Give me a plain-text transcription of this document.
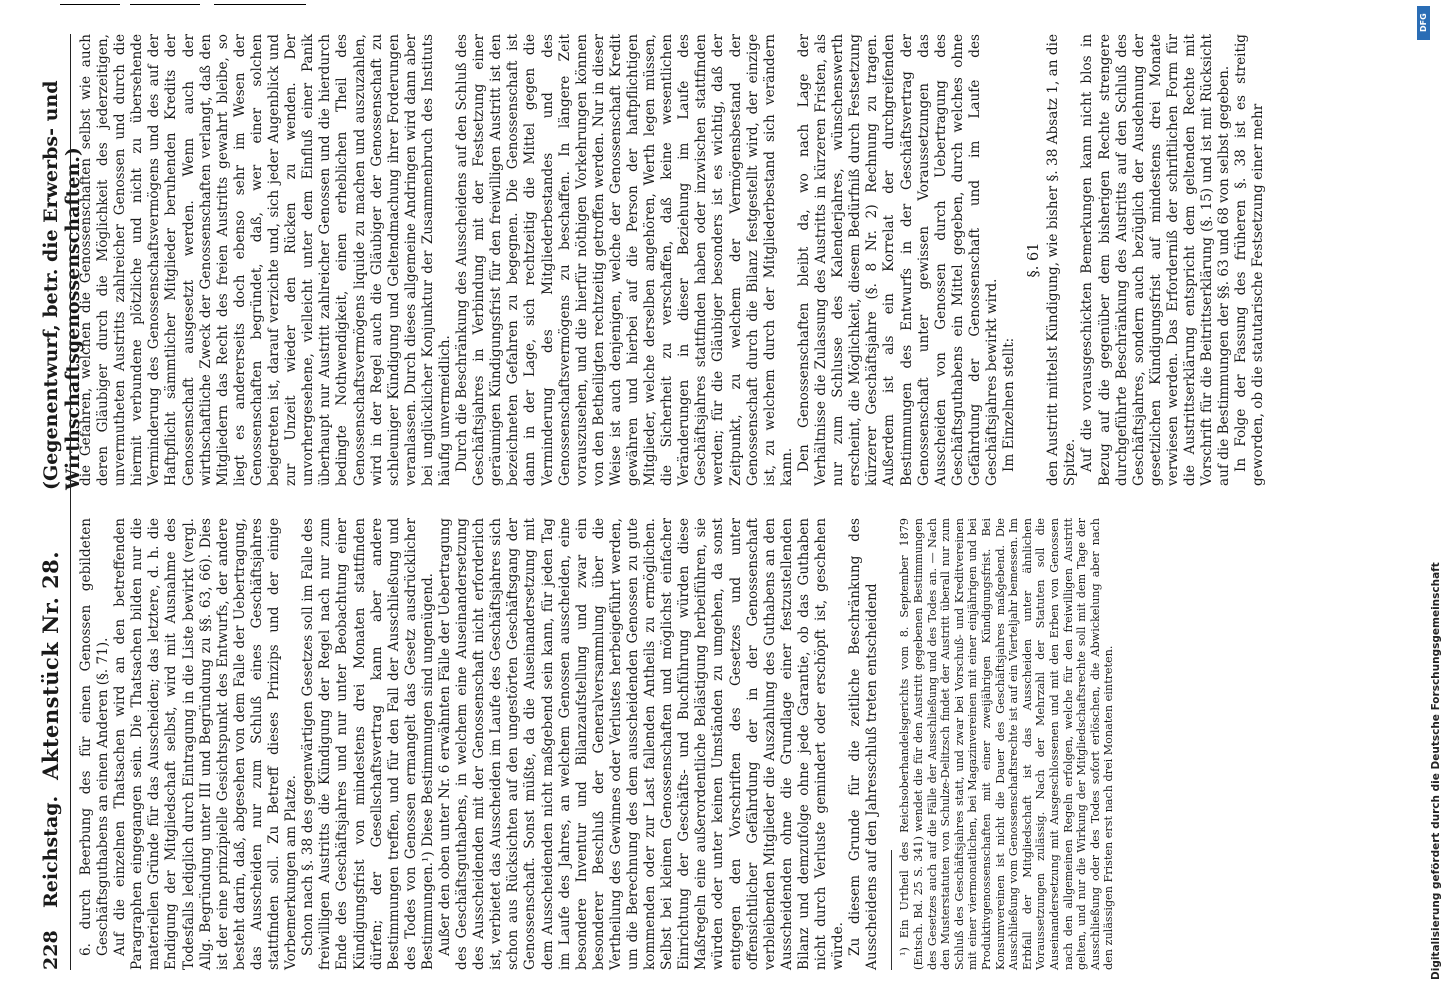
228
Reichstag.
Aktenstück Nr. 28.
(Gegenentwurf, betr. die Erwerbs- und Wirthschaftsgenossenschaften.)

6. durch Beerbung des für einen Genossen gebildeten Geschäftsguthabens an einen Anderen (§. 71). Auf die einzelnen Thatsachen wird an den betreffenden Paragraphen eingegangen sein. Die Thatsachen bilden nur die materiellen Gründe für das Ausscheiden; das letztere, d. h. die Endigung der Mitgliedschaft selbst, wird mit Ausnahme des Todesfalls lediglich durch Eintragung in die Liste bewirkt (vergl. Allg. Begründung unter III und Begründung zu §§. 63, 66). Dies ist der eine prinzipielle Gesichtspunkt des Entwurfs, der andere besteht darin, daß, abgesehen von dem Falle der Uebertragung, das Ausscheiden nur zum Schluß eines Geschäftsjahres stattfinden soll. Zu Betreff dieses Prinzips und der einige Vorbemerkungen am Platze. Schon nach §. 38 des gegenwärtigen Gesetzes soll im Falle des freiwilligen Austritts die Kündigung der Regel nach nur zum Ende des Geschäftsjahres und nur unter Beobachtung einer Kündigungsfrist von mindestens drei Monaten stattfinden dürfen; der Gesellschaftsvertrag kann aber andere Bestimmungen treffen, und für den Fall der Ausschließung und des Todes von Genossen ermangelt das Gesetz ausdrücklicher Bestimmungen.¹) Diese Bestimmungen sind ungenügend. Außer den oben unter Nr. 6 erwähnten Fälle der Uebertragung des Geschäftsguthabens, in welchem eine Auseinandersetzung des Ausscheidenden mit der Genossenschaft nicht erforderlich ist, verbietet das Ausscheiden im Laufe des Geschäftsjahres sich schon aus Rücksichten auf den ungestörten Geschäftsgang der Genossenschaft. Sonst müßte, da die Auseinandersetzung mit dem Ausscheidenden nicht maßgebend sein kann, für jeden Tag im Laufe des Jahres, an welchem Genossen ausscheiden, eine besondere Inventur und Bilanzaufstellung und zwar ein besonderer Beschluß der Generalversammlung über die Vertheilung des Gewinnes oder Verlustes herbeigeführt werden, um die Berechnung des dem ausscheidenden Genossen zu gute kommenden oder zur Last fallenden Antheils zu ermöglichen. Selbst bei kleinen Genossenschaften und möglichst einfacher Einrichtung der Geschäfts- und Buchführung würden diese Maßregeln eine außerordentliche Belästigung herbeiführen, sie würden oder unter keinen Umständen zu umgehen, da sonst entgegen den Vorschriften des Gesetzes und unter offensichtlicher Gefährdung der in der Genossenschaft verbleibenden Mitglieder die Auszahlung des Guthabens an den Ausscheidenden ohne die Grundlage einer festzustellenden Bilanz und demzufolge ohne jede Garantie, ob das Guthaben nicht durch Verluste gemindert oder erschöpft ist, geschehen würde. Zu diesem Grunde für die zeitliche Beschränkung des Ausscheidens auf den Jahresschluß treten entscheidend ¹) Ein Urtheil des Reichsoberhandelsgerichts vom 8. September 1879 (Entsch. Bd. 25 S. 341) wendet die für den Austritt gegebenen Bestimmungen des Gesetzes auch auf die Fälle der Ausschließung und des Todes an. — Nach den Musterstatuten von Schulze-Delitzsch findet der Austritt überall nur zum Schluß des Geschäftsjahres statt, und zwar bei Vorschuß- und Kreditvereinen mit einer viermonatlichen, bei Magazinvereinen mit einer einjährigen und bei Produktivgenossenschaften mit einer zweijährigen Kündigungsfrist. Bei Konsumvereinen ist nicht die Dauer des Geschäftsjahres maßgebend. Die Ausschließung vom Genossenschaftsrechte ist auf ein Vierteljahr bemessen. Im Erbfall der Mitgliedschaft ist das Ausscheiden unter ähnlichen Voraussetzungen zulässig. Nach der Mehrzahl der Statuten soll die Auseinandersetzung mit Ausgeschlossenen und mit den Erben von Genossen nach den allgemeinen Regeln erfolgen, welche für den freiwilligen Austritt gelten, und nur die Wirkung der Mitgliedschaftsrechte soll mit dem Tage der Ausschließung oder des Todes sofort erlöschen, die Abwickelung aber nach den zulässigen Fristen erst nach drei Monaten eintreten.

die Gefahren, welchen die Genossenschaften selbst wie auch deren Gläubiger durch die Möglichkeit des jederzeitigen, unvermutheten Austritts zahlreicher Genossen und durch die hiermit verbundene plötzliche und nicht zu übersehende Verminderung des Genossenschaftsvermögens und des auf der Haftpflicht sämmtlicher Mitglieder beruhenden Kredits der Genossenschaft ausgesetzt werden. Wenn auch der wirthschaftliche Zweck der Genossenschaften verlangt, daß den Mitgliedern das Recht des freien Austritts gewahrt bleibe, so liegt es andererseits doch ebenso sehr im Wesen der Genossenschaften begründet, daß, wer einer solchen beigetreten ist, darauf verzichte und, sich jeder Augenblick und zur Unzeit wieder den Rücken zu wenden. Der unvorhergesehene, vielleicht unter dem Einfluß einer Panik überhaupt nur Austritt zahlreicher Genossen und die hierdurch bedingte Nothwendigkeit, einen erheblichen Theil des Genossenschaftsvermögens liquide zu machen und auszuzahlen, wird in der Regel auch die Gläubiger der Genossenschaft zu schleuniger Kündigung und Geltendmachung ihrer Forderungen veranlassen. Durch dieses allgemeine Andringen wird dann aber bei unglücklicher Konjunktur der Zusammenbruch des Instituts häufig unvermeidlich. Durch die Beschränkung des Ausscheidens auf den Schluß des Geschäftsjahres in Verbindung mit der Festsetzung einer geräumigen Kündigungsfrist für den freiwilligen Austritt ist den bezeichneten Gefahren zu begegnen. Die Genossenschaft ist dann in der Lage, sich rechtzeitig die Mittel gegen die Verminderung des Mitgliederbestandes und des Genossenschaftsvermögens zu beschaffen. In längere Zeit vorauszusehen, und die hierfür nöthigen Vorkehrungen können von den Betheiligten rechtzeitig getroffen werden. Nur in dieser Weise ist auch denjenigen, welche der Genossenschaft Kredit gewähren und hierbei auf die Person der haftpflichtigen Mitglieder, welche derselben angehören, Werth legen müssen, die Sicherheit zu verschaffen, daß keine wesentlichen Veränderungen in dieser Beziehung im Laufe des Geschäftsjahres stattfinden haben oder inzwischen stattfinden werden; für die Gläubiger besonders ist es wichtig, daß der Zeitpunkt, zu welchem der Vermögensbestand der Genossenschaft durch die Bilanz festgestellt wird, der einzige ist, zu welchem durch der Mitgliederbestand sich verändern kann. Den Genossenschaften bleibt da, wo nach Lage der Verhältnisse die Zulassung des Austritts in kürzeren Fristen, als nur zum Schlusse des Kalenderjahres, wünschenswerth erscheint, die Möglichkeit, diesem Bedürfniß durch Festsetzung kürzerer Geschäftsjahre (§. 8 Nr. 2) Rechnung zu tragen. Außerdem ist als ein Korrelat der durchgreifenden Bestimmungen des Entwurfs in der Geschäftsvertrag der Genossenschaft unter gewissen Voraussetzungen das Ausscheiden von Genossen durch Uebertragung des Geschäftsguthabens ein Mittel gegeben, durch welches ohne Gefährdung der Genossenschaft und im Laufe des Geschäftsjahres bewirkt wird. Im Einzelnen stellt:

§. 61 den Austritt mittelst Kündigung, wie bisher §. 38 Absatz 1, an die Spitze. Auf die vorausgeschickten Bemerkungen kann nicht blos in Bezug auf die gegenüber dem bisherigen Rechte strengere durchgeführte Beschränkung des Austritts auf den Schluß des Geschäftsjahres, sondern auch bezüglich der Ausdehnung der gesetzlichen Kündigungsfrist auf mindestens drei Monate verwiesen werden. Das Erforderniß der schriftlichen Form für die Austrittserklärung entspricht dem geltenden Rechte mit Vorschrift für die Beitrittserklärung (§. 15) und ist mit Rücksicht auf die Bestimmungen der §§. 63 und 68 von selbst gegeben. In Folge der Fassung des früheren §. 38 ist es streitig geworden, ob die statutarische Festsetzung einer mehr

Digitalisierung gefördert durch die Deutsche Forschungsgemeinschaft
DFG
